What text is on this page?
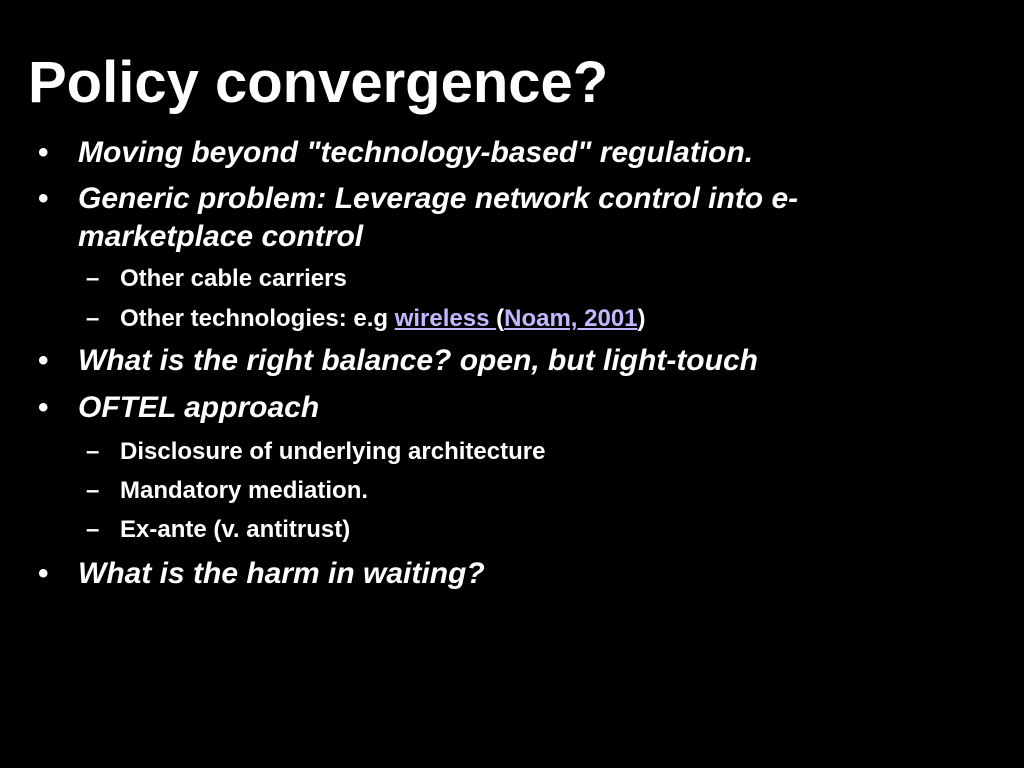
Policy convergence?
• Moving beyond "technology-based" regulation.
• Generic problem: Leverage network control into e-
marketplace control
– Other cable carriers
– Other technologies: e.g wireless (Noam, 2001)
• What is the right balance? open, but light-touch
• OFTEL approach
– Disclosure of underlying architecture
– Mandatory mediation.
– Ex-ante (v. antitrust)
• What is the harm in waiting?
